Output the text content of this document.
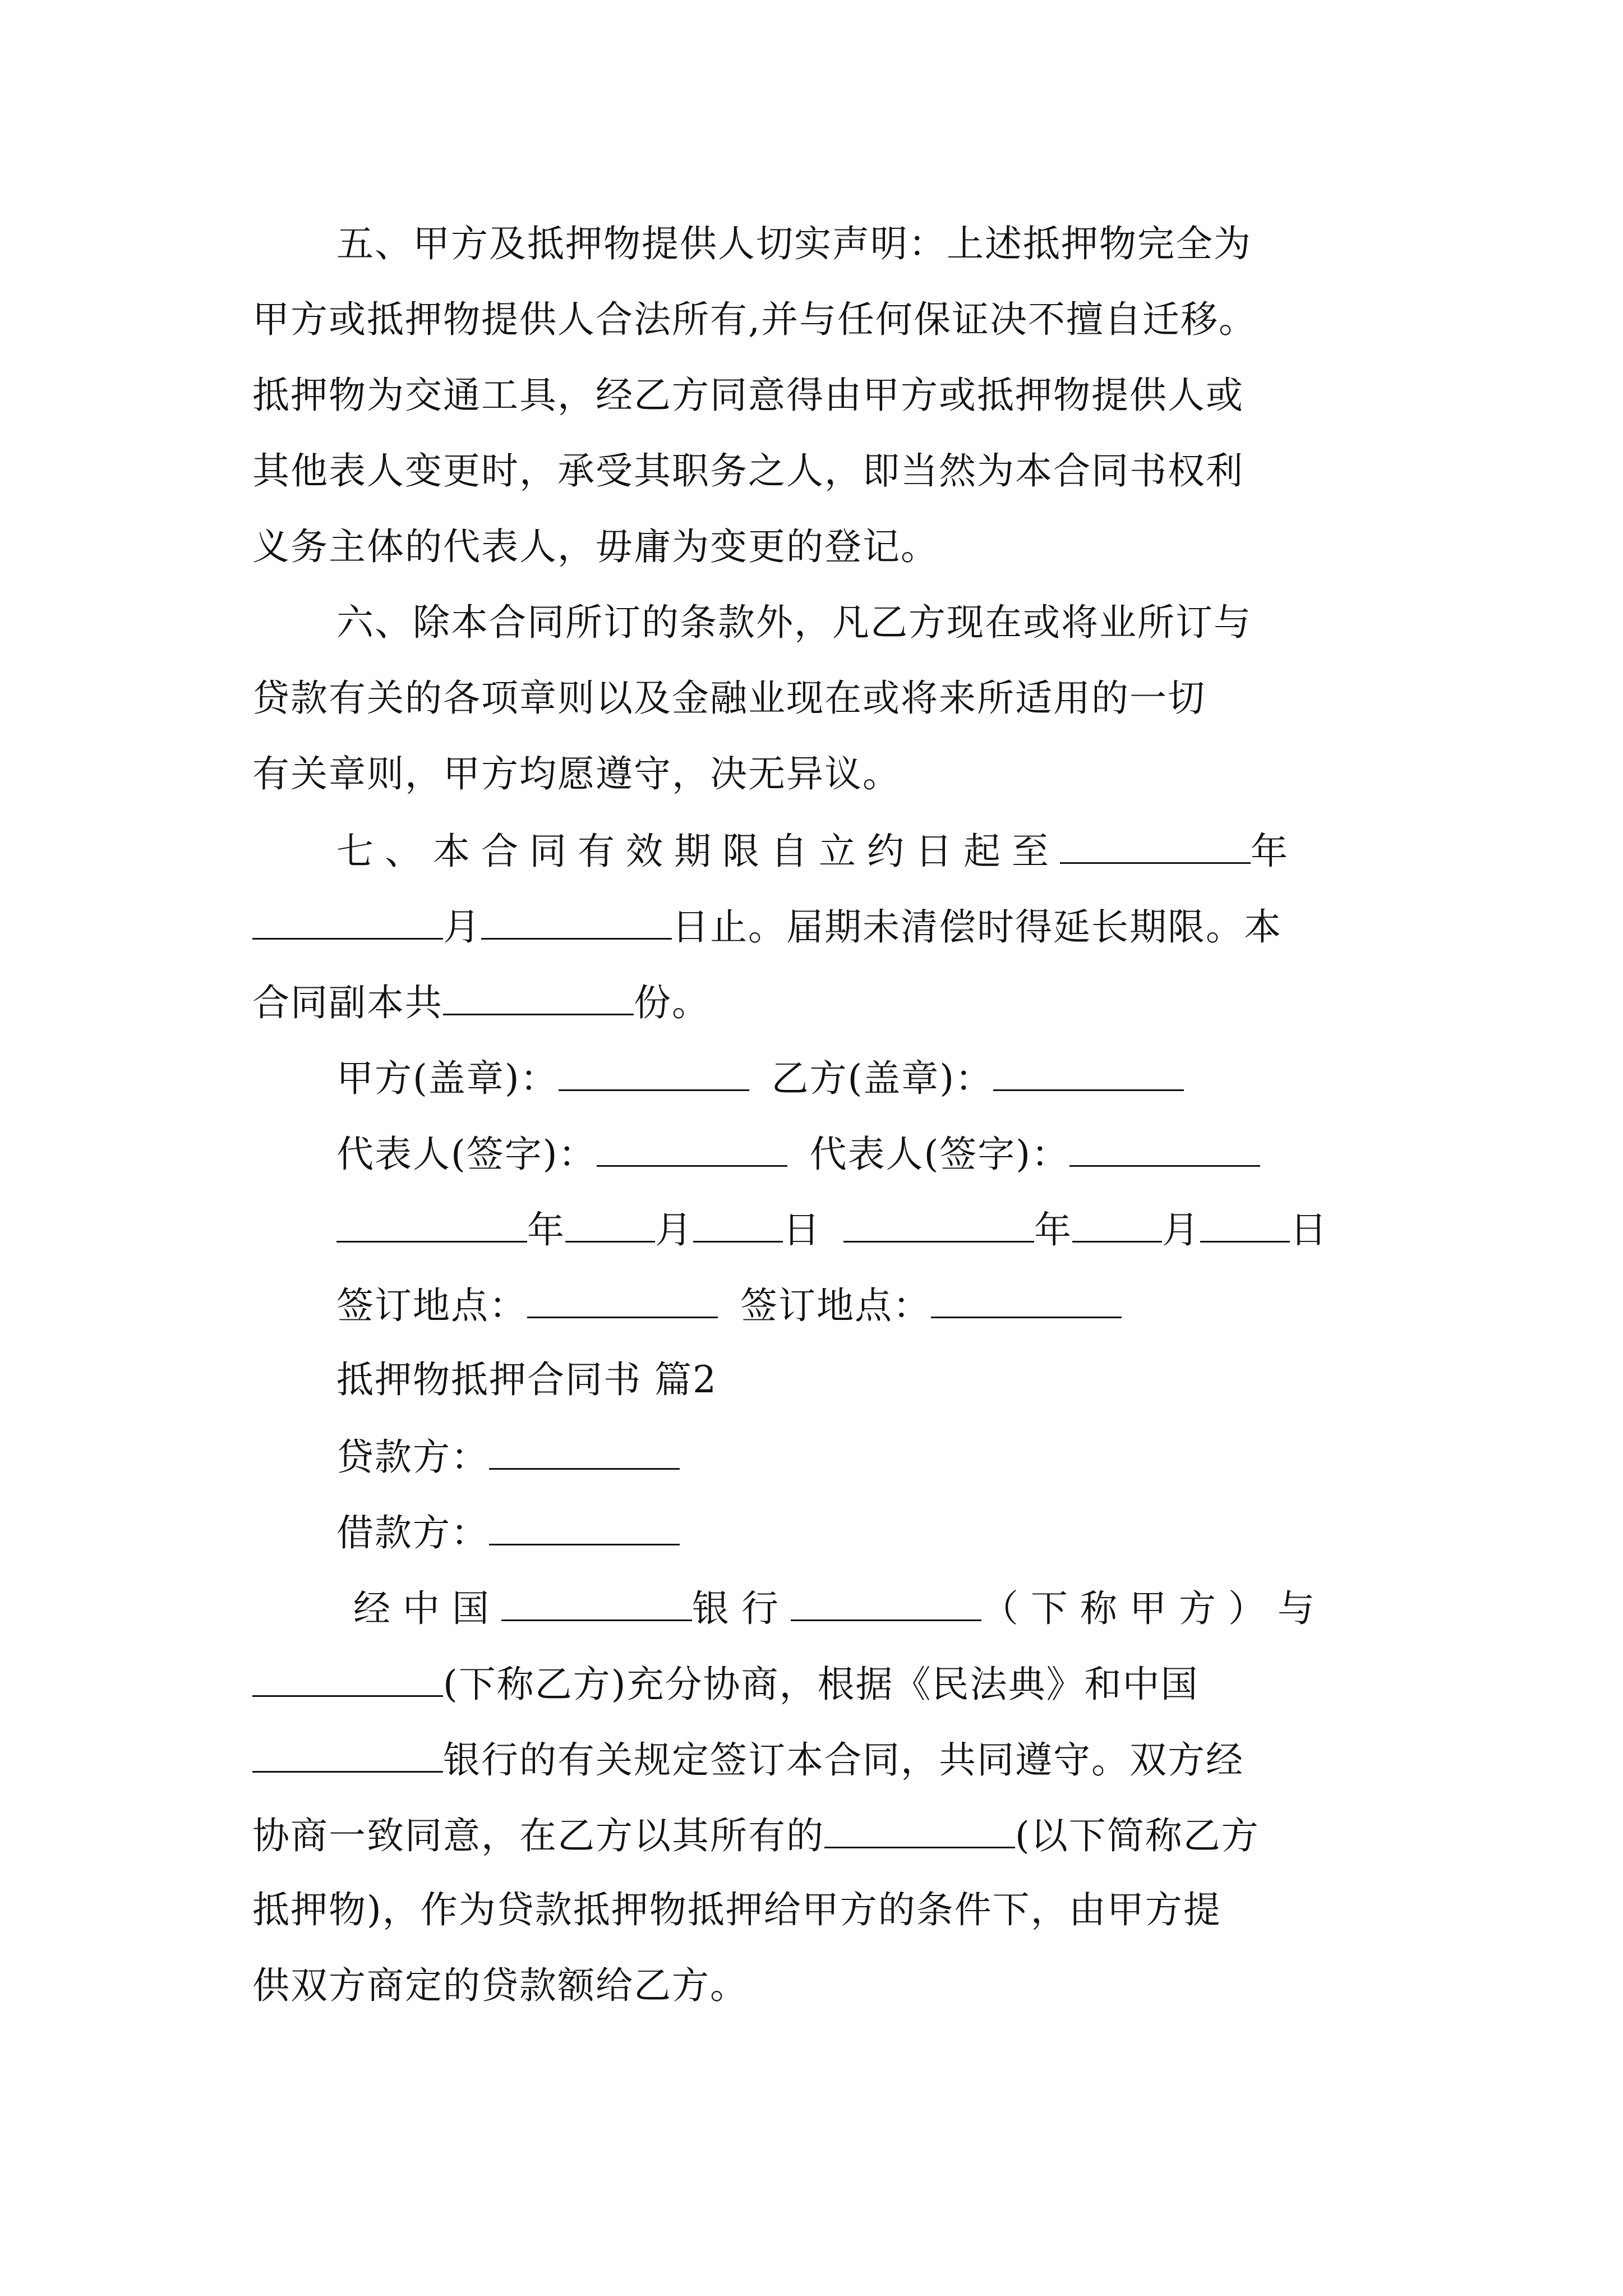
五、甲方及抵押物提供人切实声明：上述抵押物完全为
甲方或抵押物提供人合法所有,并与任何保证决不擅自迁移。
抵押物为交通工具，经乙方同意得由甲方或抵押物提供人或
其他表人变更时，承受其职务之人，即当然为本合同书权利
义务主体的代表人，毋庸为变更的登记。
六、除本合同所订的条款外，凡乙方现在或将业所订与
贷款有关的各项章则以及金融业现在或将来所适用的一切
有关章则，甲方均愿遵守，决无异议。
七、本合同有效期限自立约日起至	年
月	日止。届期未清偿时得延长期限。本
合同副本共	份。
甲方(盖章)：	乙方(盖章)：
代表人(签字)：	代表人(签字)：
年 月 日	年 月 日
签订地点：	签订地点：
抵押物抵押合同书 篇2
贷款方：
借款方：
经中国	银行	（下称甲方）与
(下称乙方)充分协商，根据《民法典》和中国
银行的有关规定签订本合同，共同遵守。双方经
协商一致同意，在乙方以其所有的	(以下简称乙方
抵押物)，作为贷款抵押物抵押给甲方的条件下，由甲方提
供双方商定的贷款额给乙方。
